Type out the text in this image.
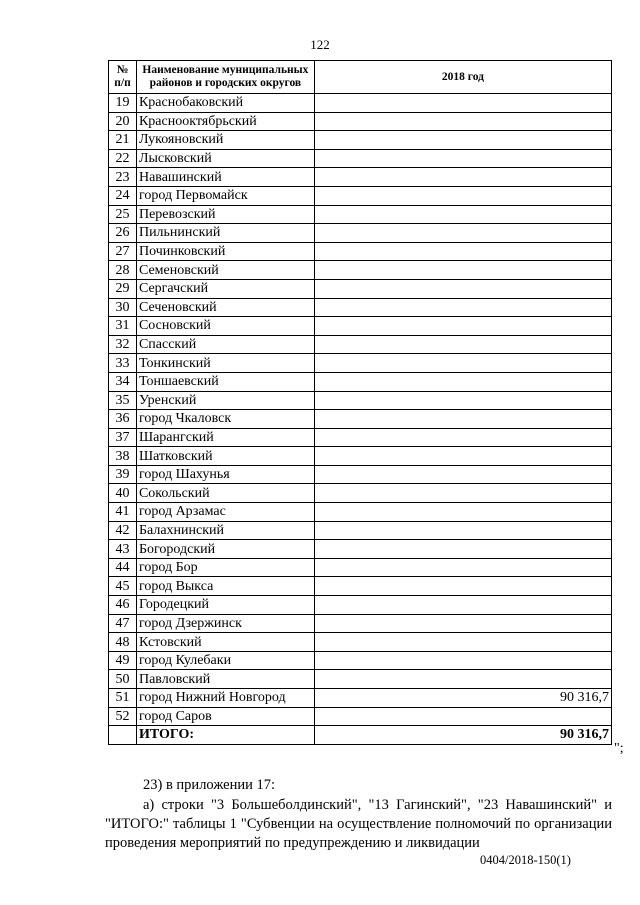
122
№ п/п	Наименование муниципальных районов и городских округов	2018 год
19	Краснобаковский	
20	Краснооктябрьский	
21	Лукояновский	
22	Лысковский	
23	Навашинский	
24	город Первомайск	
25	Перевозский	
26	Пильнинский	
27	Починковский	
28	Семеновский	
29	Сергачский	
30	Сеченовский	
31	Сосновский	
32	Спасский	
33	Тонкинский	
34	Тоншаевский	
35	Уренский	
36	город Чкаловск	
37	Шарангский	
38	Шатковский	
39	город Шахунья	
40	Сокольский	
41	город Арзамас	
42	Балахнинский	
43	Богородский	
44	город Бор	
45	город Выкса	
46	Городецкий	
47	город Дзержинск	
48	Кстовский	
49	город Кулебаки	
50	Павловский	
51	город Нижний Новгород	90 316,7
52	город Саров	
	ИТОГО:	90 316,7
";
23) в приложении 17:
а) строки "3 Большеболдинский", "13 Гагинский", "23 Навашинский" и "ИТОГО:" таблицы 1 "Субвенции на осуществление полномочий по организации проведения мероприятий по предупреждению и ликвидации
0404/2018-150(1)
